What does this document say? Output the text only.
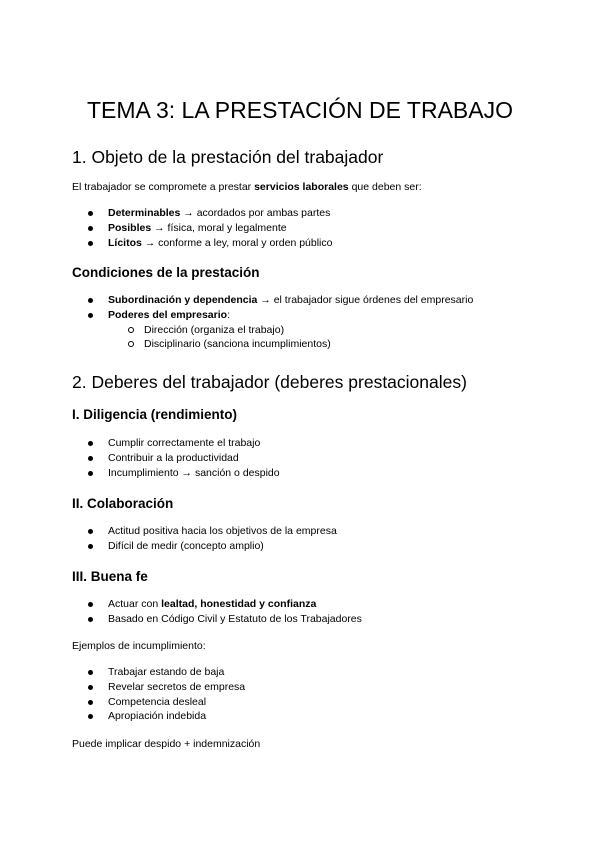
TEMA 3: LA PRESTACIÓN DE TRABAJO
1. Objeto de la prestación del trabajador

El trabajador se compromete a prestar servicios laborales que deben ser:

Determinables → acordados por ambas partes
Posibles → física, moral y legalmente
Lícitos → conforme a ley, moral y orden público
Condiciones de la prestación
Subordinación y dependencia → el trabajador sigue órdenes del empresario
Poderes del empresario:
Dirección (organiza el trabajo)
Disciplinario (sanciona incumplimientos)
2. Deberes del trabajador (deberes prestacionales)
I. Diligencia (rendimiento)
Cumplir correctamente el trabajo
Contribuir a la productividad
Incumplimiento → sanción o despido
II. Colaboración
Actitud positiva hacia los objetivos de la empresa
Difícil de medir (concepto amplio)
III. Buena fe
Actuar con lealtad, honestidad y confianza
Basado en Código Civil y Estatuto de los Trabajadores

Ejemplos de incumplimiento:

Trabajar estando de baja
Revelar secretos de empresa
Competencia desleal
Apropiación indebida

Puede implicar despido + indemnización
